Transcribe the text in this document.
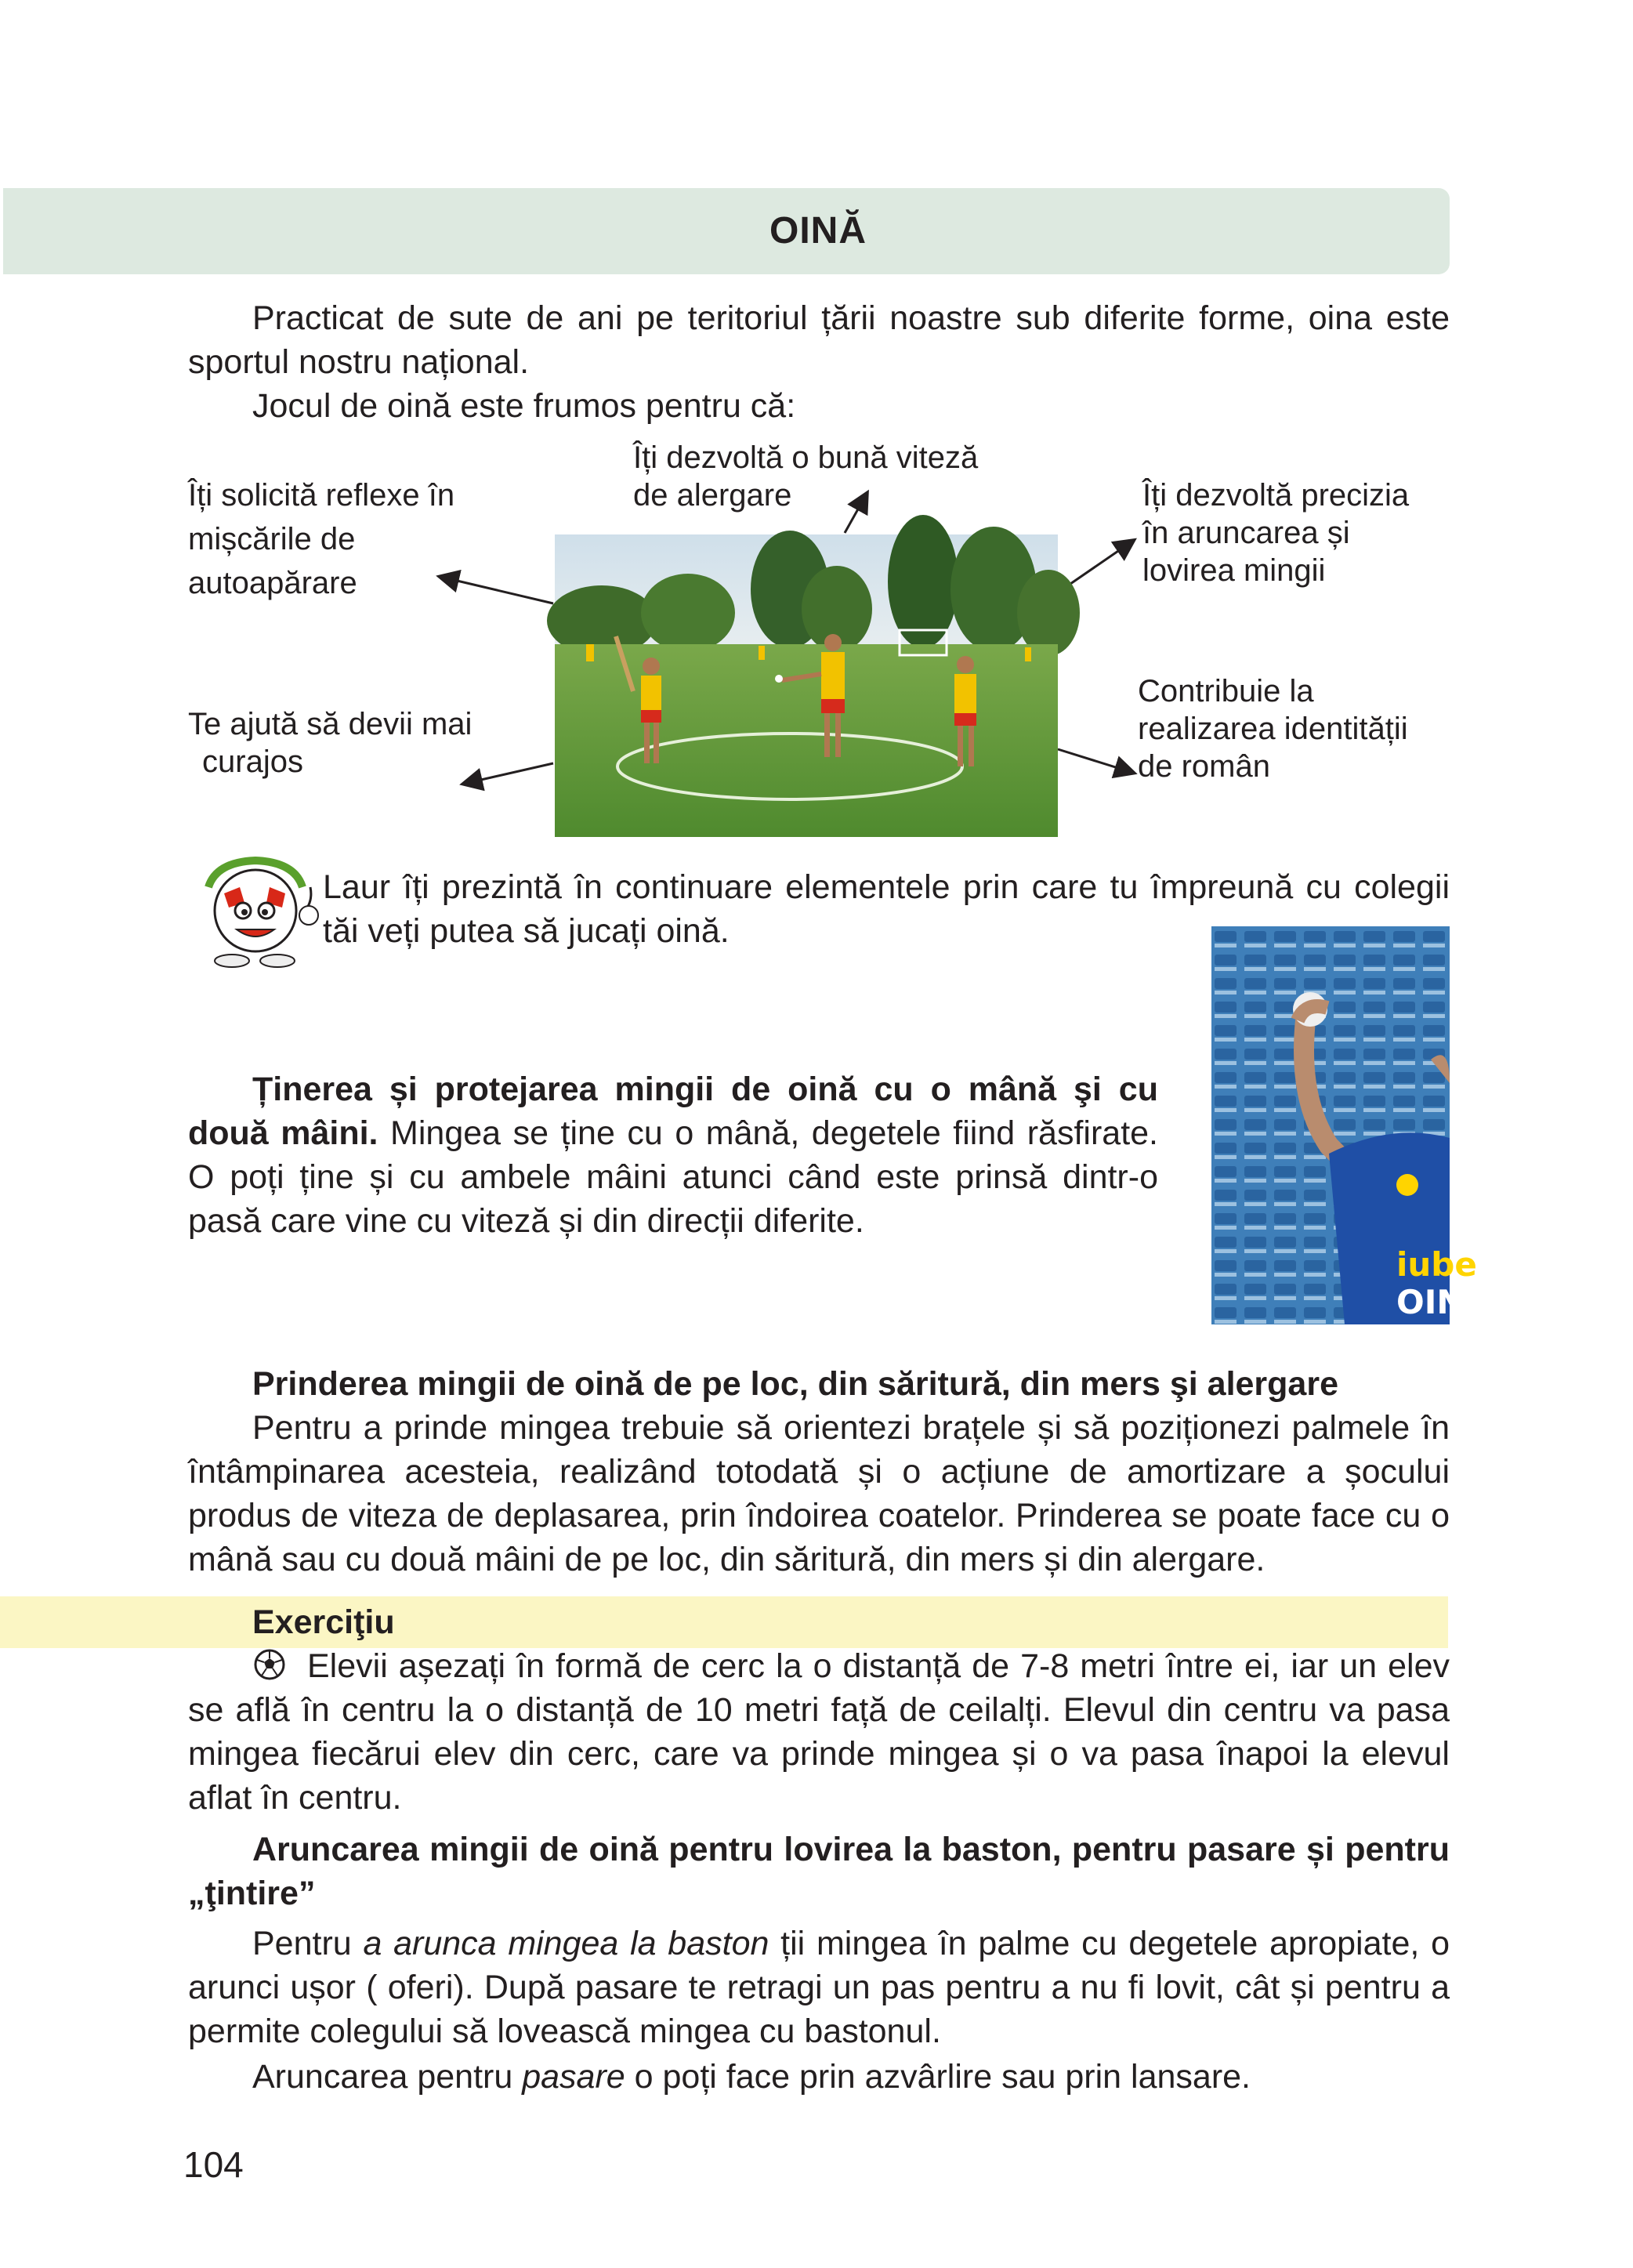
OINĂ
Practicat de sute de ani pe teritoriul țării noastre sub diferite forme, oina este sportul nostru național.
Jocul de oină este frumos pentru că:
Îți solicită reflexe în
mișcările de
autoapărare
Îți dezvoltă o bună viteză
de alergare	Îți dezvoltă precizia
în aruncarea și
lovirea mingii
Te ajută să devii mai
curajos
Contribuie la
realizarea identității
de român
Laur îți prezintă în continuare elementele prin care tu împreună cu colegii tăi veți putea să jucați oină.
iube
OIN
Ținerea și protejarea mingii de oină cu o mână şi cu două mâini. Mingea se ține cu o mână, degetele fiind răsfirate. O poți ține și cu ambele mâini atunci când este prinsă dintr-o pasă care vine cu viteză și din direcții diferite.
Prinderea mingii de oină de pe loc, din săritură, din mers şi alergare
Pentru a prinde mingea trebuie să orientezi brațele și să poziționezi palmele în întâmpinarea acesteia, realizând totodată și o acțiune de amortizare a șocului produs de viteza de deplasarea, prin îndoirea coatelor. Prinderea se poate face cu o mână sau cu două mâini de pe loc, din săritură, din mers și din alergare.
Exerciţiu
Elevii așezați în formă de cerc la o distanță de 7-8 metri între ei, iar un elev se află în centru la o distanță de 10 metri față de ceilalți. Elevul din centru va pasa mingea fiecărui elev din cerc, care va prinde mingea și o va pasa înapoi la elevul aflat în centru.
Aruncarea mingii de oină pentru lovirea la baston, pentru pasare și pentru „ţintire”
Pentru a arunca mingea la baston ții mingea în palme cu degetele apropiate, o arunci ușor ( oferi). După pasare te retragi un pas pentru a nu fi lovit, cât și pentru a permite colegului să lovească mingea cu bastonul.
Aruncarea pentru pasare o poți face prin azvârlire sau prin lansare.
104
